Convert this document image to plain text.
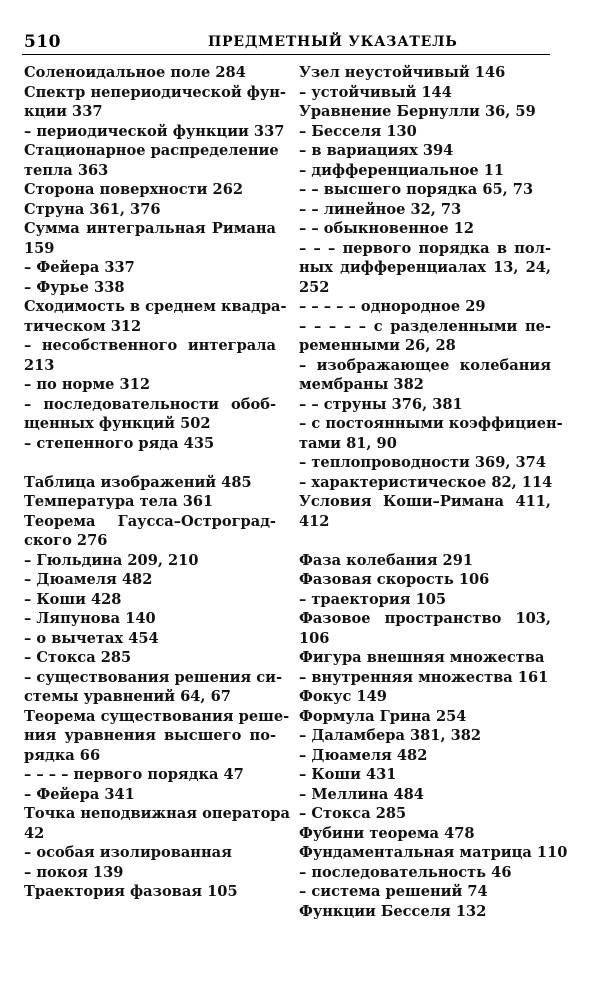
510	ПРЕДМЕТНЫЙ УКАЗАТЕЛЬ
Соленоидальное поле 284
Спектр непериодической фун-
кции 337
– периодической функции 337
Стационарное распределение
тепла 363
Сторона поверхности 262
Струна 361, 376
Сумма интегральная Римана
159
– Фейера 337
– Фурье 338
Сходимость в среднем квадра-
тическом 312
– несобственного интеграла
213
– по норме 312
– последовательности обоб-
щенных функций 502
– степенного ряда 435
Таблица изображений 485
Температура тела 361
Теорема Гаусса–Остроград-
ского 276
– Гюльдина 209, 210
– Дюамеля 482
– Коши 428
– Ляпунова 140
– о вычетах 454
– Стокса 285
– существования решения си-
стемы уравнений 64, 67
Теорема существования реше-
ния уравнения высшего по-
рядка 66
– – – – первого порядка 47
– Фейера 341
Точка неподвижная оператора
42
– особая изолированная
– покоя 139
Траектория фазовая 105
Узел неустойчивый 146
– устойчивый 144
Уравнение Бернулли 36, 59
– Бесселя 130
– в вариациях 394
– дифференциальное 11
– – высшего порядка 65, 73
– – линейное 32, 73
– – обыкновенное 12
– – – первого порядка в пол-
ных дифференциалах 13, 24,
252
– – – – – однородное 29
– – – – – с разделенными пе-
ременными 26, 28
– изображающее колебания
мембраны 382
– – струны 376, 381
– с постоянными коэффициен-
тами 81, 90
– теплопроводности 369, 374
– характеристическое 82, 114
Условия Коши–Римана 411,
412
Фаза колебания 291
Фазовая скорость 106
– траектория 105
Фазовое пространство 103,
106
Фигура внешняя множества
– внутренняя множества 161
Фокус 149
Формула Грина 254
– Даламбера 381, 382
– Дюамеля 482
– Коши 431
– Меллина 484
– Стокса 285
Фубини теорема 478
Фундаментальная матрица 110
– последовательность 46
– система решений 74
Функции Бесселя 132
